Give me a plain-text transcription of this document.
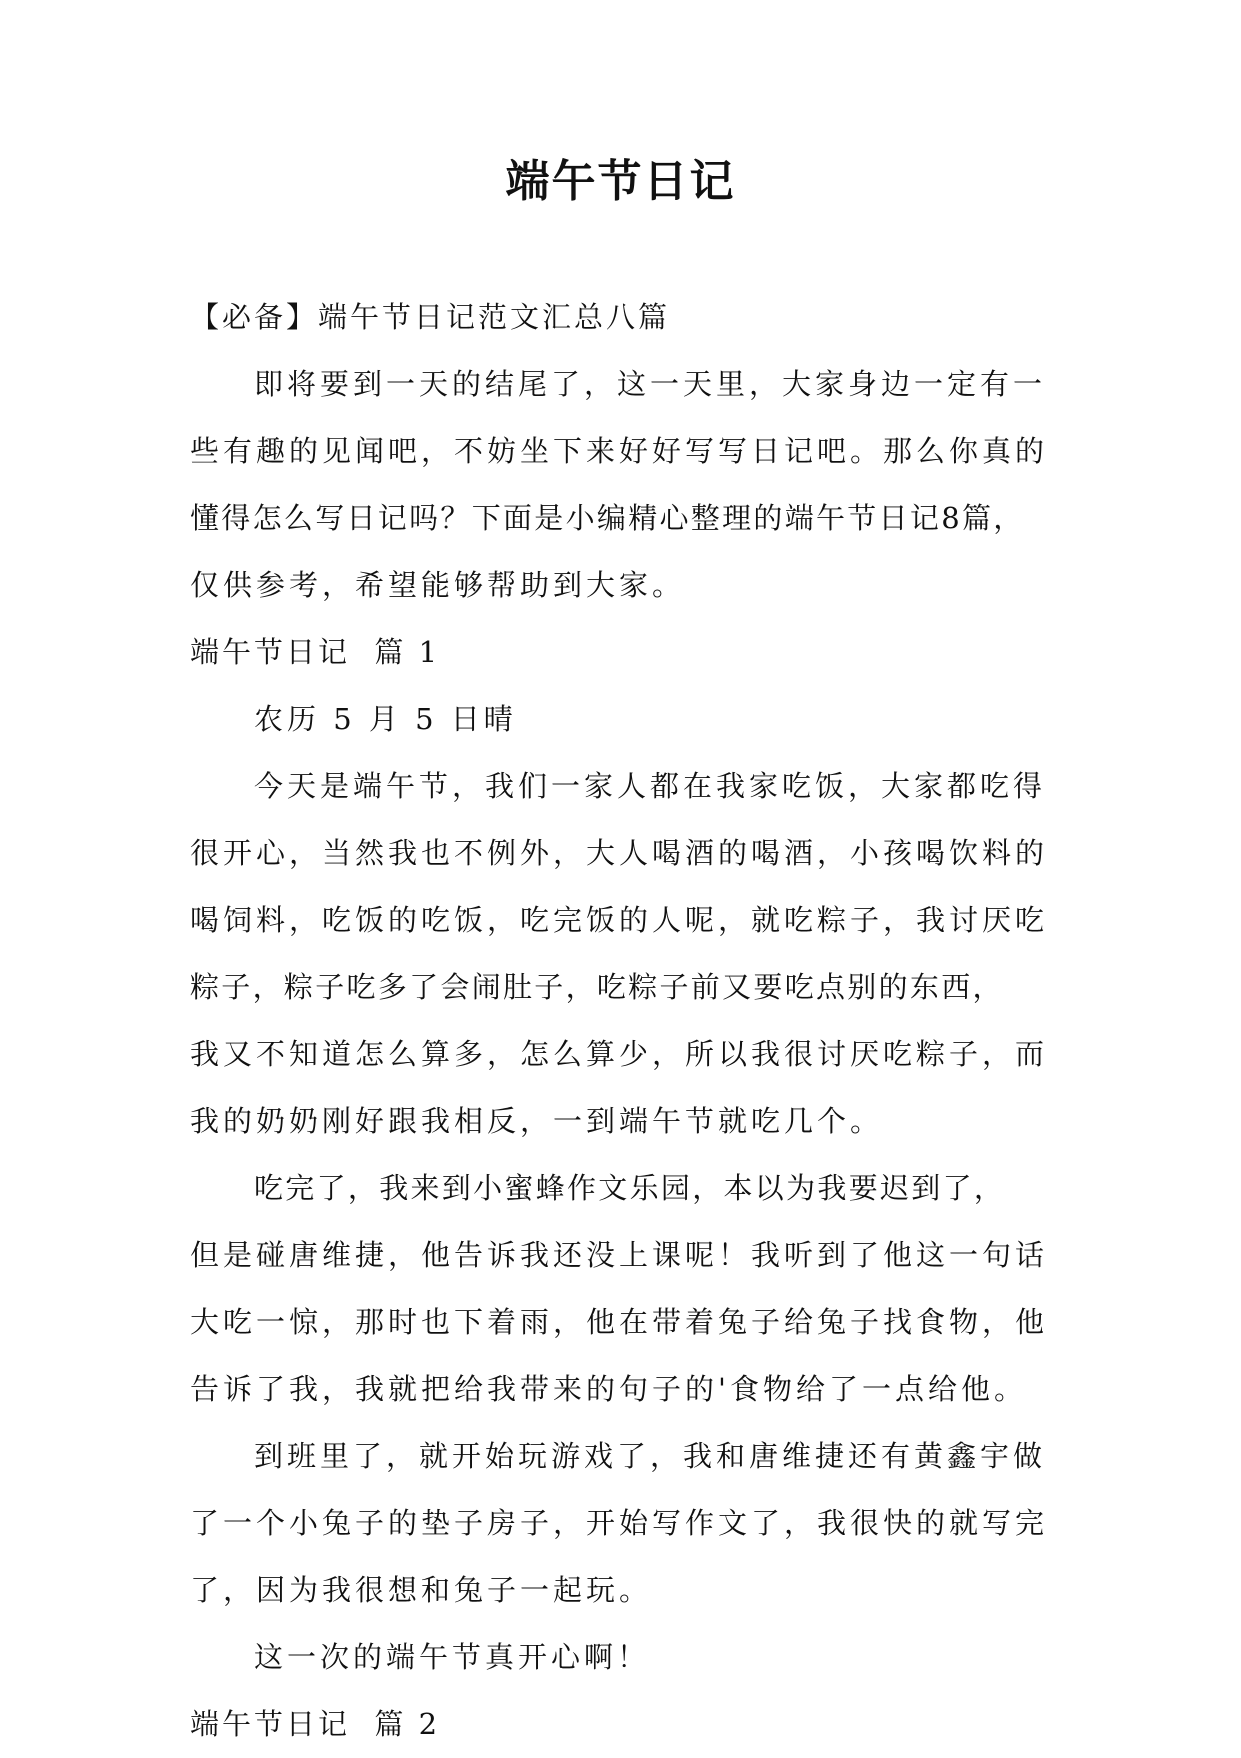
端午节日记
【必备】端午节日记范文汇总八篇
即将要到一天的结尾了，这一天里，大家身边一定有一
些有趣的见闻吧，不妨坐下来好好写写日记吧。那么你真的
懂得怎么写日记吗？下面是小编精心整理的端午节日记8篇，
仅供参考，希望能够帮助到大家。
端午节日记  篇 1
农历 5 月 5 日晴
今天是端午节，我们一家人都在我家吃饭，大家都吃得
很开心，当然我也不例外，大人喝酒的喝酒，小孩喝饮料的
喝饲料，吃饭的吃饭，吃完饭的人呢，就吃粽子，我讨厌吃
粽子，粽子吃多了会闹肚子，吃粽子前又要吃点别的东西，
我又不知道怎么算多，怎么算少，所以我很讨厌吃粽子，而
我的奶奶刚好跟我相反，一到端午节就吃几个。
吃完了，我来到小蜜蜂作文乐园，本以为我要迟到了，
但是碰唐维捷，他告诉我还没上课呢！我听到了他这一句话
大吃一惊，那时也下着雨，他在带着兔子给兔子找食物，他
告诉了我，我就把给我带来的句子的'食物给了一点给他。
到班里了，就开始玩游戏了，我和唐维捷还有黄鑫宇做
了一个小兔子的垫子房子，开始写作文了，我很快的就写完
了，因为我很想和兔子一起玩。
这一次的端午节真开心啊！
端午节日记  篇 2
